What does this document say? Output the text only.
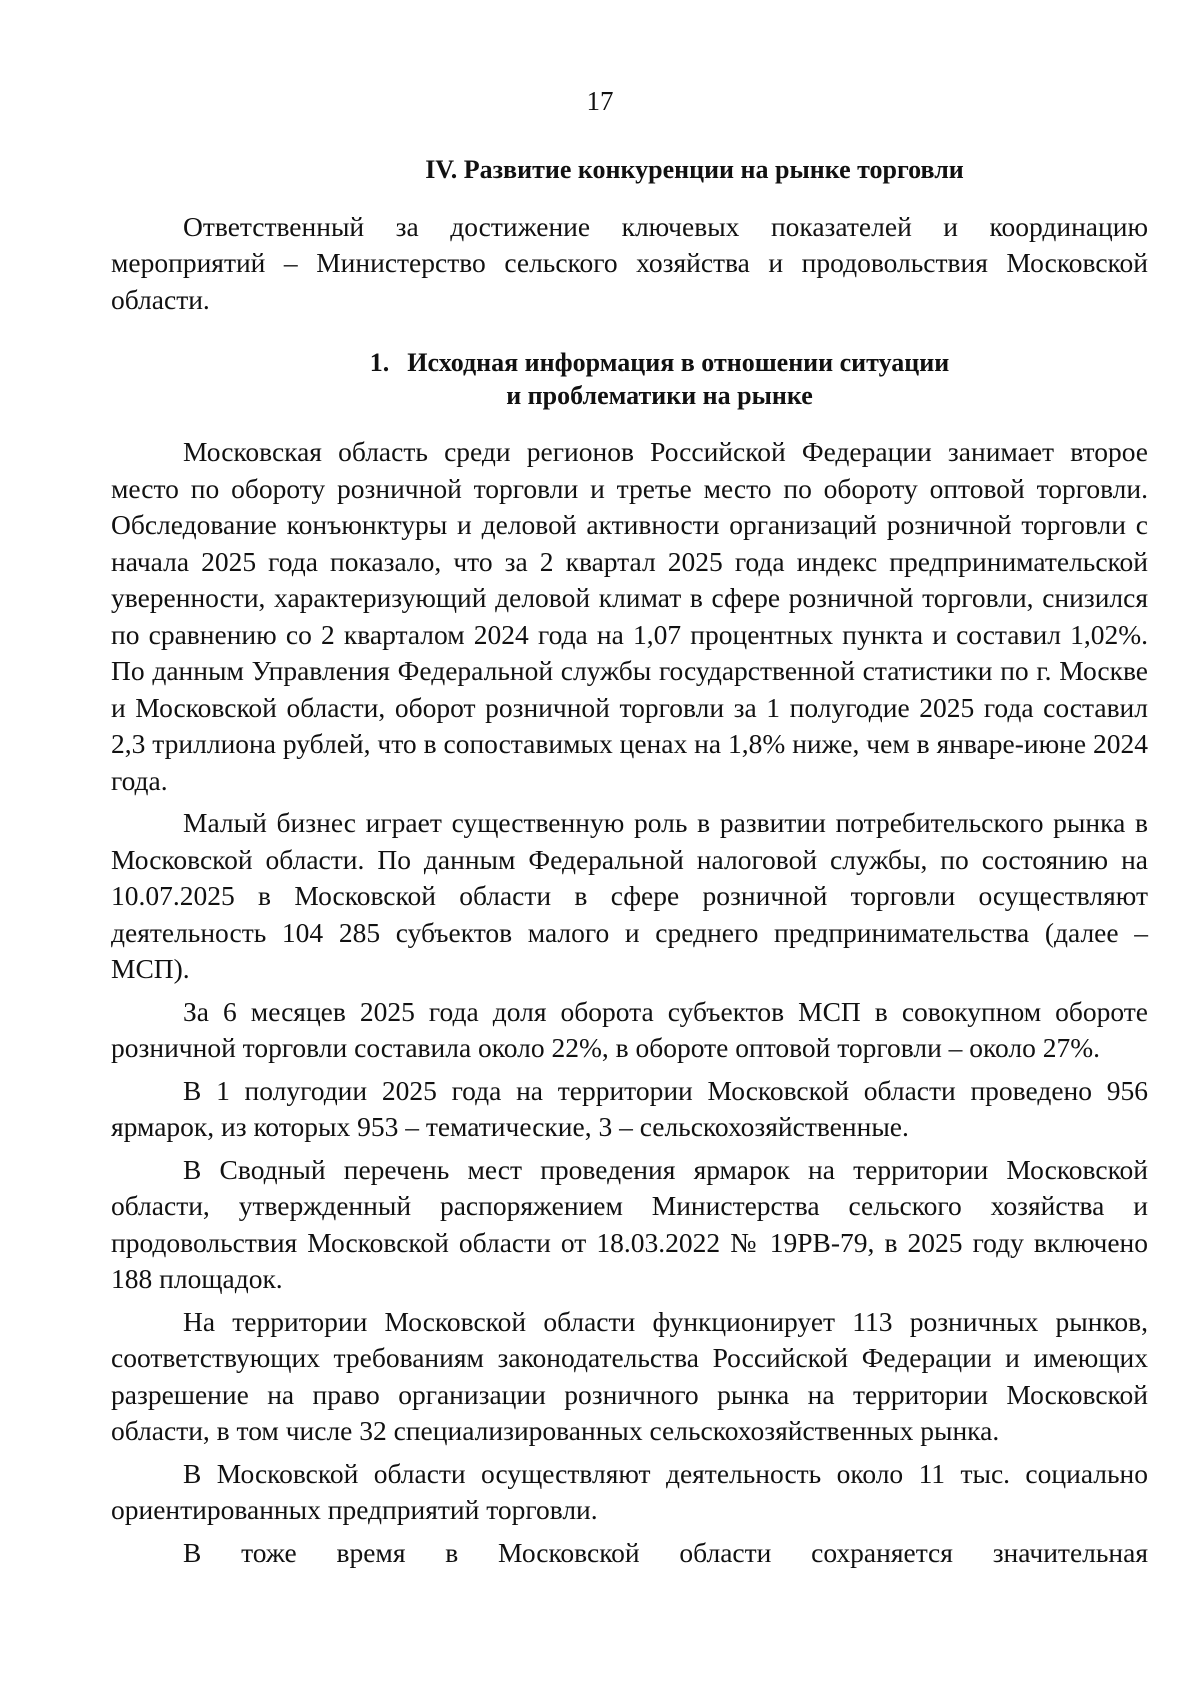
17
IV. Развитие конкуренции на рынке торговли

Ответственный за достижение ключевых показателей и координацию мероприятий – Министерство сельского хозяйства и продовольствия Московской области.

1. Исходная информация в отношении ситуации
и проблематики на рынке

Московская область среди регионов Российской Федерации занимает второе место по обороту розничной торговли и третье место по обороту оптовой торговли. Обследование конъюнктуры и деловой активности организаций розничной торговли с начала 2025 года показало, что за 2 квартал 2025 года индекс предпринимательской уверенности, характеризующий деловой климат в сфере розничной торговли, снизился по сравнению со 2 кварталом 2024 года на 1,07 процентных пункта и составил 1,02%. По данным Управления Федеральной службы государственной статистики по г. Москве и Московской области, оборот розничной торговли за 1 полугодие 2025 года составил 2,3 триллиона рублей, что в сопоставимых ценах на 1,8% ниже, чем в январе-июне 2024 года.

Малый бизнес играет существенную роль в развитии потребительского рынка в Московской области. По данным Федеральной налоговой службы, по состоянию на 10.07.2025 в Московской области в сфере розничной торговли осуществляют деятельность 104 285 субъектов малого и среднего предпринимательства (далее – МСП).

За 6 месяцев 2025 года доля оборота субъектов МСП в совокупном обороте розничной торговли составила около 22%, в обороте оптовой торговли – около 27%.

В 1 полугодии 2025 года на территории Московской области проведено 956 ярмарок, из которых 953 – тематические, 3 – сельскохозяйственные.

В Сводный перечень мест проведения ярмарок на территории Московской области, утвержденный распоряжением Министерства сельского хозяйства и продовольствия Московской области от 18.03.2022 № 19РВ-79, в 2025 году включено 188 площадок.

На территории Московской области функционирует 113 розничных рынков, соответствующих требованиям законодательства Российской Федерации и имеющих разрешение на право организации розничного рынка на территории Московской области, в том числе 32 специализированных сельскохозяйственных рынка.

В Московской области осуществляют деятельность около 11 тыс. социально ориентированных предприятий торговли.

В тоже время в Московской области сохраняется значительная
